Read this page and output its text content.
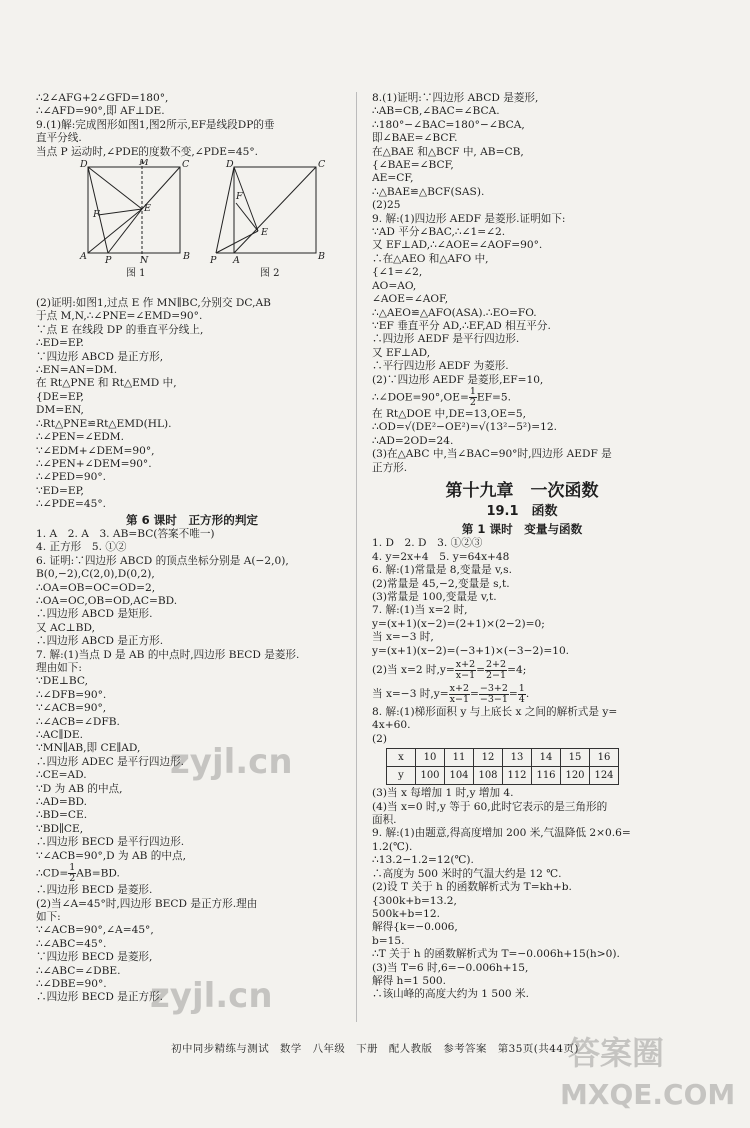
∴2∠AFG+2∠GFD=180°,
∴∠AFD=90°,即 AF⊥DE.
9.(1)解:完成图形如图1,图2所示,EF是线段DP的垂
直平分线.
当点 P 运动时,∠PDE的度数不变,∠PDE=45°.
D	M	C
F
E
A P	N	B
D	C
F
E
P A	B
图 1	图 2
(2)证明:如图1,过点 E 作 MN∥BC,分别交 DC,AB
于点 M,N,∴∠PNE=∠EMD=90°.
∵点 E 在线段 DP 的垂直平分线上,
∴ED=EP.
∵四边形 ABCD 是正方形,
∴EN=AN=DM.
在 Rt△PNE 和 Rt△EMD 中,
{DE=EP,
DM=EN,
∴Rt△PNE≌Rt△EMD(HL).
∴∠PEN=∠EDM.
∵∠EDM+∠DEM=90°,
∴∠PEN+∠DEM=90°.
∴∠PED=90°.
∵ED=EP,
∴∠PDE=45°.
第 6 课时　正方形的判定
1. A　2. A　3. AB=BC(答案不唯一)
4. 正方形　5. ①②
6. 证明:∵四边形 ABCD 的顶点坐标分别是 A(−2,0),
B(0,−2),C(2,0),D(0,2),
∴OA=OB=OC=OD=2,
∴OA=OC,OB=OD,AC=BD.
∴四边形 ABCD 是矩形.
又 AC⊥BD,
∴四边形 ABCD 是正方形.
7. 解:(1)当点 D 是 AB 的中点时,四边形 BECD 是菱形.
理由如下:
∵DE⊥BC,
∴∠DFB=90°.
∵∠ACB=90°,
∴∠ACB=∠DFB.
∴AC∥DE.
∵MN∥AB,即 CE∥AD,
∴四边形 ADEC 是平行四边形.
∴CE=AD.
∵D 为 AB 的中点,
∴AD=BD.
∴BD=CE.
∵BD∥CE,
∴四边形 BECD 是平行四边形.
∵∠ACB=90°,D 为 AB 的中点,
∴CD= $\frac{1}{2} AB=BD$.
∴四边形 BECD 是菱形.
(2)当∠A=45°时,四边形 BECD 是正方形.理由
如下:
∵∠ACB=90°,∠A=45°,
∴∠ABC=45°.
∵四边形 BECD 是菱形,
∴∠ABC=∠DBE.
∴∠DBE=90°.
∴四边形 BECD 是正方形.
8.(1)证明:∵四边形 ABCD 是菱形,
∴AB=CB,∠BAC=∠BCA.
∴180°−∠BAC=180°−∠BCA,
即∠BAE=∠BCF.
在△BAE 和△BCF 中, AB=CB,
{∠BAE=∠BCF,
AE=CF,
∴△BAE≌△BCF(SAS).
(2)25
9. 解:(1)四边形 AEDF 是菱形.证明如下:
∵AD 平分∠BAC,∴∠1=∠2.
又 EF⊥AD,∴∠AOE=∠AOF=90°.
∴在△AEO 和△AFO 中,
{∠1=∠2,
AO=AO,
∠AOE=∠AOF,
∴△AEO≌△AFO(ASA).∴EO=FO.
∵EF 垂直平分 AD,∴EF,AD 相互平分.
∴四边形 AEDF 是平行四边形.
又 EF⊥AD,
∴平行四边形 AEDF 为菱形.
(2)∵四边形 AEDF 是菱形,EF=10,
∴∠DOE=90°,OE= $\frac{1}{2} EF=5$.
在 Rt△DOE 中,DE=13,OE=5,
∴OD=√(DE²−OE²)=√(13²−5²)=12.
∴AD=2OD=24.
(3)在△ABC 中,当∠BAC=90°时,四边形 AEDF 是
正方形.
第十九章　一次函数
19.1　函数
第 1 课时　变量与函数
1. D　2. D　3. ①②③
4. y=2x+4　5. y=64x+48
6. 解:(1)常量是 8,变量是 v,s.
(2)常量是 45,−2,变量是 s,t.
(3)常量是 100,变量是 v,t.
7. 解:(1)当 x=2 时,
y=(x+1)(x−2)=(2+1)×(2−2)=0;
当 x=−3 时,
y=(x+1)(x−2)=(−3+1)×(−3−2)=10.
(2)当 x=2 时$,y= \frac{x+2}{x-1} = \frac{2+2}{2-1} =4$;
当 x=−3 时$,y= \frac{x+2}{x-1} = \frac{-3+2}{-3-1} = \frac{1}{4}$ .
8. 解:(1)梯形面积 y 与上底长 x 之间的解析式是 y=
4x+60.
(2)
x	10	11	12	13	14	15	16
y	100	104	108	112	116	120	124
(3)当 x 每增加 1 时,y 增加 4.
(4)当 x=0 时,y 等于 60,此时它表示的是三角形的
面积.
9. 解:(1)由题意,得高度增加 200 米,气温降低 2×0.6=
1.2(℃).
∴13.2−1.2=12(℃).
∴高度为 500 米时的气温大约是 12 ℃.
(2)设 T 关于 h 的函数解析式为 T=kh+b.
{300k+b=13.2,
500k+b=12.
解得{k=−0.006,
b=15.
∴T 关于 h 的函数解析式为 T=−0.006h+15(h>0).
(3)当 T=6 时,6=−0.006h+15,
解得 h=1 500.
∴该山峰的高度大约为 1 500 米.
初中同步精练与测试　数学　八年级　下册　配人教版　参考答案　第35页(共44页)
zyjl.cn
zyjl.cn
答案圈
MXQE.COM
